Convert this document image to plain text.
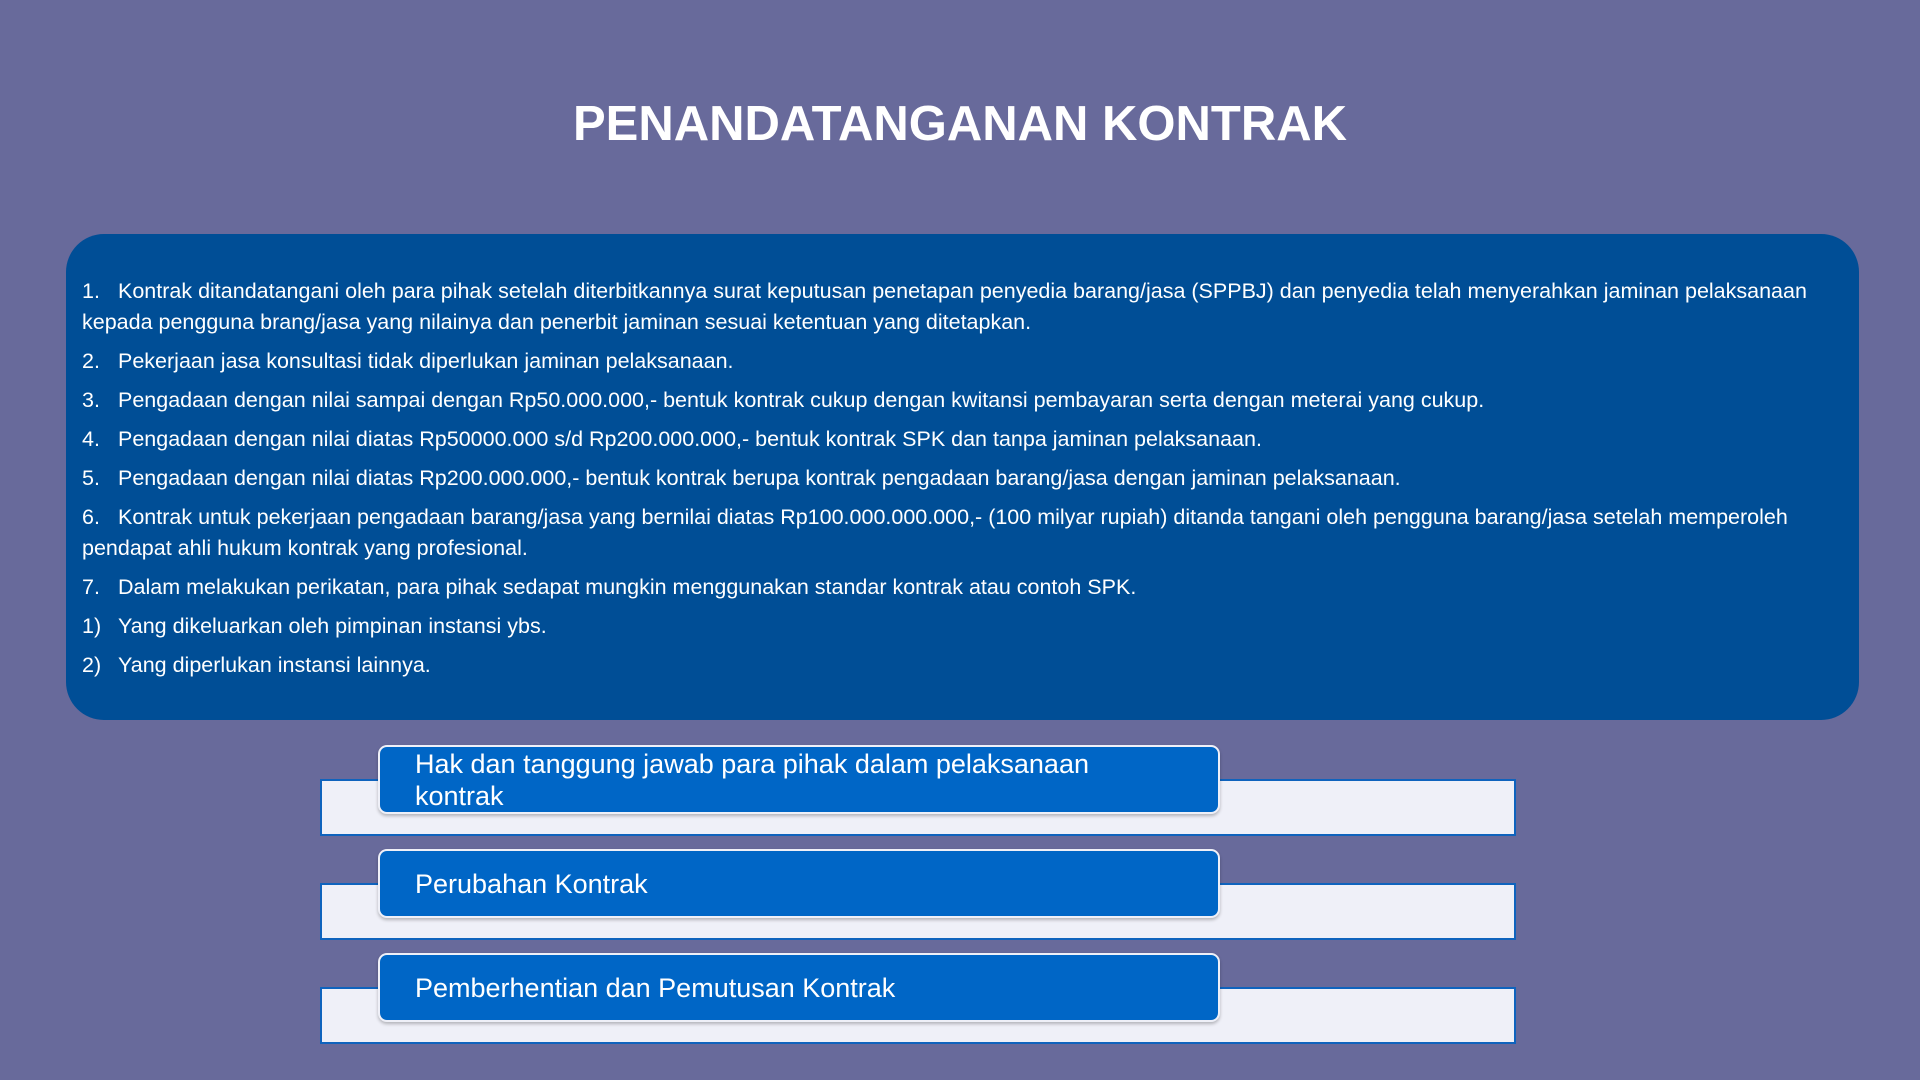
PENANDATANGANAN KONTRAK
1. Kontrak ditandatangani oleh para pihak setelah diterbitkannya surat keputusan penetapan penyedia barang/jasa (SPPBJ) dan penyedia telah menyerahkan jaminan pelaksanaan kepada pengguna brang/jasa yang nilainya dan penerbit jaminan sesuai ketentuan yang ditetapkan.
2. Pekerjaan jasa konsultasi tidak diperlukan jaminan pelaksanaan.
3. Pengadaan dengan nilai sampai dengan Rp50.000.000,- bentuk kontrak cukup dengan kwitansi pembayaran serta dengan meterai yang cukup.
4. Pengadaan dengan nilai diatas Rp50000.000 s/d Rp200.000.000,- bentuk kontrak SPK dan tanpa jaminan pelaksanaan.
5. Pengadaan dengan nilai diatas Rp200.000.000,- bentuk kontrak berupa kontrak pengadaan barang/jasa dengan jaminan pelaksanaan.
6. Kontrak untuk pekerjaan pengadaan barang/jasa yang bernilai diatas Rp100.000.000.000,- (100 milyar rupiah) ditanda tangani oleh pengguna barang/jasa setelah memperoleh pendapat ahli hukum kontrak yang profesional.
7. Dalam melakukan perikatan, para pihak sedapat mungkin menggunakan standar kontrak atau contoh SPK.
1) Yang dikeluarkan oleh pimpinan instansi ybs.
2) Yang diperlukan instansi lainnya.
Hak dan tanggung jawab para pihak dalam pelaksanaan kontrak
Perubahan Kontrak
Pemberhentian dan Pemutusan Kontrak
